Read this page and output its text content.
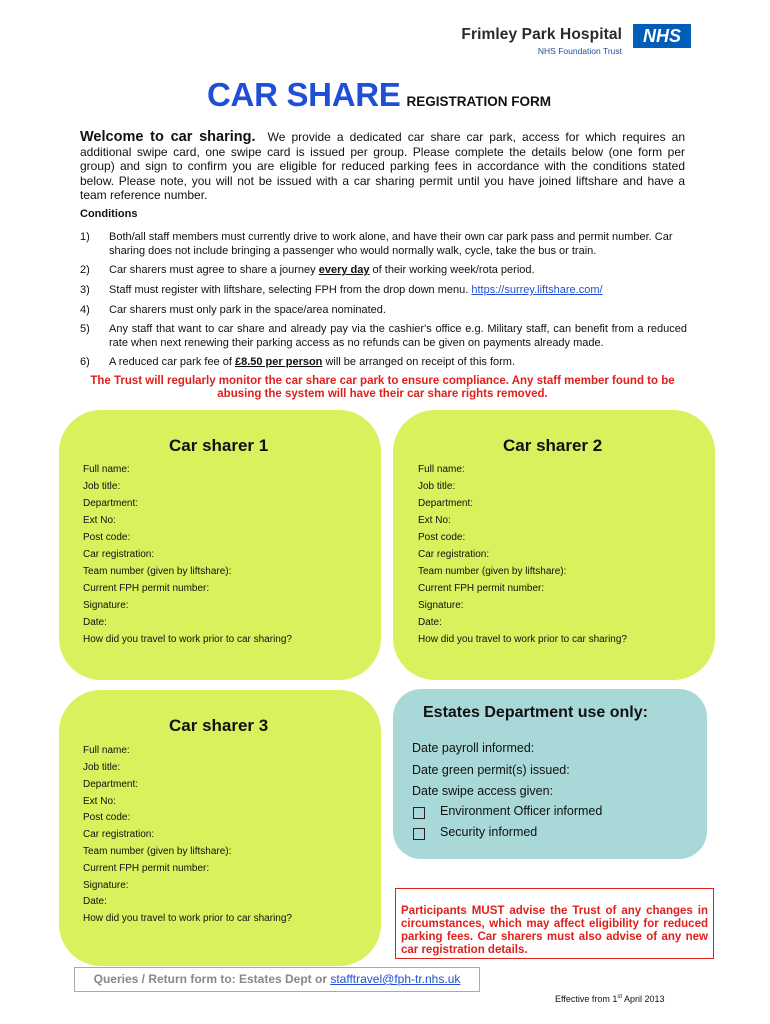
Frimley Park Hospital
NHS Foundation Trust
NHS
CAR SHARE REGISTRATION FORM
Welcome to car sharing. We provide a dedicated car share car park, access for which requires an additional swipe card, one swipe card is issued per group. Please complete the details below (one form per group) and sign to confirm you are eligible for reduced parking fees in accordance with the conditions stated below. Please note, you will not be issued with a car sharing permit until you have joined liftshare and have a team reference number.
Conditions
1)	Both/all staff members must currently drive to work alone, and have their own car park pass and permit number. Car sharing does not include bringing a passenger who would normally walk, cycle, take the bus or train.
2)	Car sharers must agree to share a journey every day of their working week/rota period.
3)	Staff must register with liftshare, selecting FPH from the drop down menu. https://surrey.liftshare.com/
4)	Car sharers must only park in the space/area nominated.
5)	Any staff that want to car share and already pay via the cashier's office e.g. Military staff, can benefit from a reduced rate when next renewing their parking access as no refunds can be given on payments already made.
6)	A reduced car park fee of £8.50 per person will be arranged on receipt of this form.
The Trust will regularly monitor the car share car park to ensure compliance. Any staff member found to be abusing the system will have their car share rights removed.
Car sharer 1
Full name:
Job title:
Department:
Ext No:
Post code:
Car registration:
Team number (given by liftshare):
Current FPH permit number:
Signature:
Date:
How did you travel to work prior to car sharing?
Car sharer 2
Full name:
Job title:
Department:
Ext No:
Post code:
Car registration:
Team number (given by liftshare):
Current FPH permit number:
Signature:
Date:
How did you travel to work prior to car sharing?
Car sharer 3
Full name:
Job title:
Department:
Ext No:
Post code:
Car registration:
Team number (given by liftshare):
Current FPH permit number:
Signature:
Date:
How did you travel to work prior to car sharing?
Estates Department use only:
Date payroll informed:
Date green permit(s) issued:
Date swipe access given:
Environment Officer informed
Security informed
Participants MUST advise the Trust of any changes in circumstances, which may affect eligibility for reduced parking fees. Car sharers must also advise of any new car registration details.
Queries / Return form to: Estates Dept or stafftravel@fph-tr.nhs.uk
Effective from 1st April 2013
